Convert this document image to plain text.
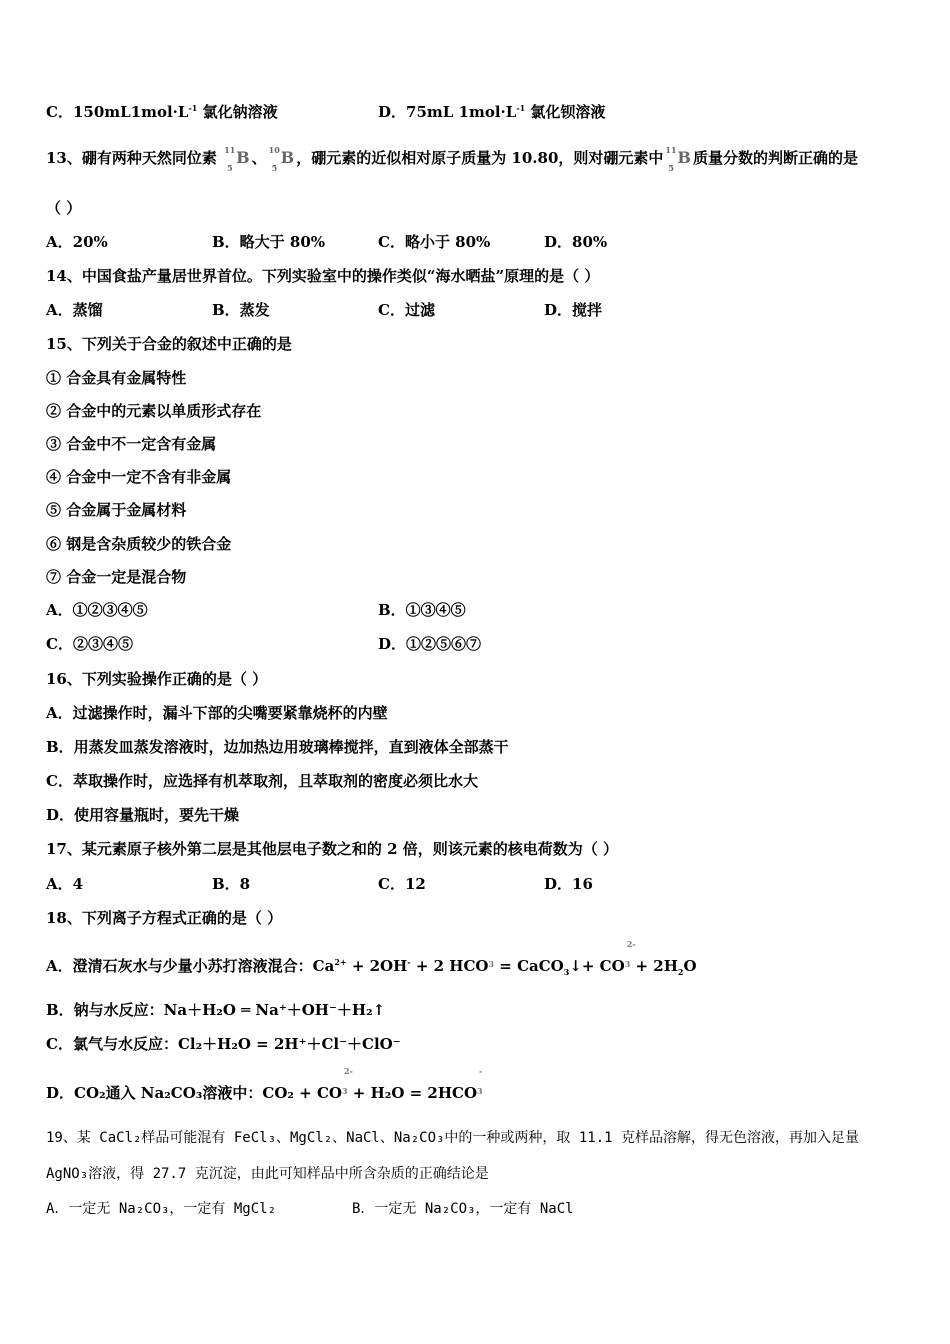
C．$150mL1mol\cdot L^{-1}$ 氯化钠溶液	D．75mL $1mol\cdot L^{-1}$ 氯化钡溶液
13、硼有两种天然同位素 11
5
B 、 10
5
B ，硼元素的近似相对原子质量为 10.80，则对硼元素中 11
5
B 质量分数的判断正确的是
（ ）
A．20%	B．略大于 80%	C．略小于 80%	D．80%
14、中国食盐产量居世界首位。下列实验室中的操作类似“海水晒盐”原理的是（ ）
A．蒸馏	B．蒸发	C．过滤	D．搅拌
15、下列关于合金的叙述中正确的是
① 合金具有金属特性
② 合金中的元素以单质形式存在
③ 合金中不一定含有金属
④ 合金中一定不含有非金属
⑤ 合金属于金属材料
⑥ 钢是含杂质较少的铁合金
⑦ 合金一定是混合物
A．①②③④⑤	B．①③④⑤
C．②③④⑤	D．①②⑤⑥⑦
16、下列实验操作正确的是（ ）
A．过滤操作时，漏斗下部的尖嘴要紧靠烧杯的内壁
B．用蒸发皿蒸发溶液时，边加热边用玻璃棒搅拌，直到液体全部蒸干
C．萃取操作时，应选择有机萃取剂，且萃取剂的密度必须比水大
D．使用容量瓶时，要先干燥
17、某元素原子核外第二层是其他层电子数之和的 2 倍，则该元素的核电荷数为（ ）
A．4	B．8	C．12	D．16
18、下列离子方程式正确的是（ ）
A．澄清石灰水与少量小苏打溶液混合：$Ca^{2+} + 2OH^- + 2$ $HCO^3$ = CaCO$_3$↓+ CO
2-
$^3 + 2H_2O$
B．钠与水反应：Na＋H₂O ═ Na⁺＋OH⁻＋H₂↑
C．氯气与水反应：Cl₂＋H₂O = 2H⁺＋Cl⁻＋ClO⁻
D．CO₂通入 Na₂CO₃溶液中：CO₂ + CO
2-
$^3$ + H₂O = 2HCO
-
$^3$
19、某 CaCl₂样品可能混有 FeCl₃、MgCl₂、NaCl、Na₂CO₃中的一种或两种，取 11.1 克样品溶解，得无色溶液，再加入足量
AgNO₃溶液，得 27.7 克沉淀，由此可知样品中所含杂质的正确结论是
A．一定无 Na₂CO₃，一定有 MgCl₂	B．一定无 Na₂CO₃，一定有 NaCl
